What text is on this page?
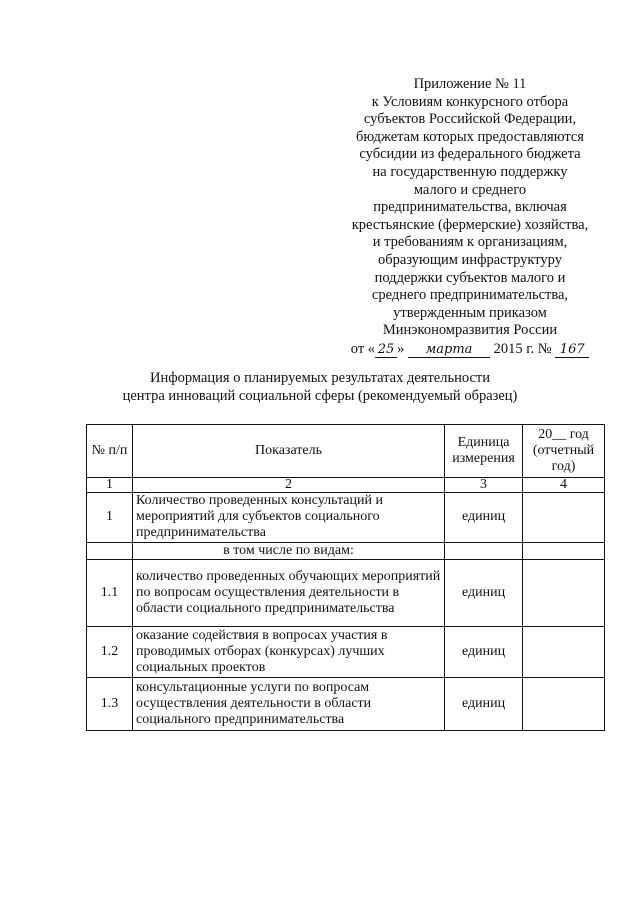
Приложение № 11
к Условиям конкурсного отбора
субъектов Российской Федерации,
бюджетам которых предоставляются
субсидии из федерального бюджета
на государственную поддержку
малого и среднего
предпринимательства, включая
крестьянские (фермерские) хозяйства,
и требованиям к организациям,
образующим инфраструктуру
поддержки субъектов малого и
среднего предпринимательства,
утвержденным приказом
Минэкономразвития России
от « 25 » марта 2015 г. № 167
Информация о планируемых результатах деятельности
центра инноваций социальной сферы (рекомендуемый образец)
№ п/п	Показатель	Единица измерения	20__ год (отчетный год)
1	2	3	4
1	Количество проведенных консультаций и мероприятий для субъектов социального предпринимательства	единиц	
	в том числе по видам:		
1.1	количество проведенных обучающих мероприятий по вопросам осуществления деятельности в области социального предпринимательства	единиц	
1.2	оказание содействия в вопросах участия в проводимых отборах (конкурсах) лучших социальных проектов	единиц	
1.3	консультационные услуги по вопросам осуществления деятельности в области социального предпринимательства	единиц	
